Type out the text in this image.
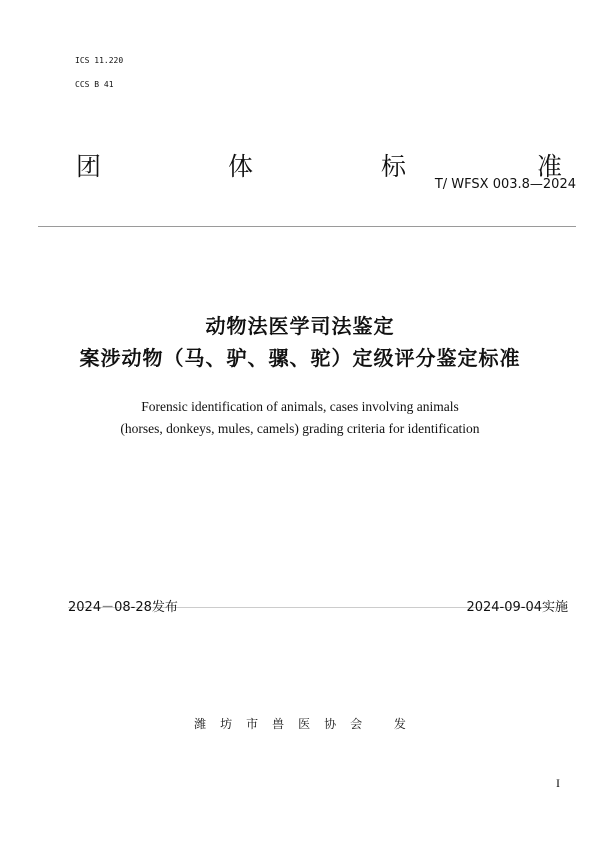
ICS 11.220
CCS B 41
团	体	标	准
T/ WFSX 003.8—2024
动物法医学司法鉴定
案涉动物（马、驴、骡、驼）定级评分鉴定标准
Forensic identification of animals, cases involving animals
(horses, donkeys, mules, camels) grading criteria for identification
2024－08-28发布	2024-09-04实施
潍坊市兽医协会 发
I
